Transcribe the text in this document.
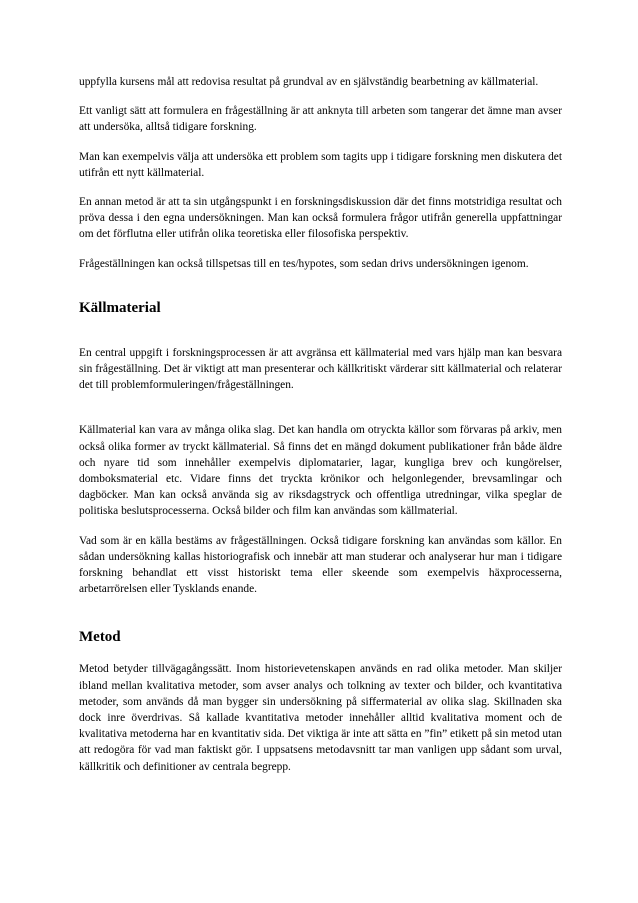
uppfylla kursens mål att redovisa resultat på grundval av en självständig bearbetning av källmaterial.

Ett vanligt sätt att formulera en frågeställning är att anknyta till arbeten som tangerar det ämne man avser att undersöka, alltså tidigare forskning.

Man kan exempelvis välja att undersöka ett problem som tagits upp i tidigare forskning men diskutera det utifrån ett nytt källmaterial.

En annan metod är att ta sin utgångspunkt i en forskningsdiskussion där det finns motstridiga resultat och pröva dessa i den egna undersökningen. Man kan också formulera frågor utifrån generella uppfattningar om det förflutna eller utifrån olika teoretiska eller filosofiska perspektiv.

Frågeställningen kan också tillspetsas till en tes/hypotes, som sedan drivs undersökningen igenom.

Källmaterial

En central uppgift i forskningsprocessen är att avgränsa ett källmaterial med vars hjälp man kan besvara sin frågeställning. Det är viktigt att man presenterar och källkritiskt värderar sitt källmaterial och relaterar det till problemformuleringen/frågeställningen.

Källmaterial kan vara av många olika slag. Det kan handla om otryckta källor som förvaras på arkiv, men också olika former av tryckt källmaterial. Så finns det en mängd dokument publikationer från både äldre och nyare tid som innehåller exempelvis diplomatarier, lagar, kungliga brev och kungörelser, domboksmaterial etc. Vidare finns det tryckta krönikor och helgonlegender, brevsamlingar och dagböcker. Man kan också använda sig av riksdagstryck och offentliga utredningar, vilka speglar de politiska beslutsprocesserna. Också bilder och film kan användas som källmaterial.

Vad som är en källa bestäms av frågeställningen. Också tidigare forskning kan användas som källor. En sådan undersökning kallas historiografisk och innebär att man studerar och analyserar hur man i tidigare forskning behandlat ett visst historiskt tema eller skeende som exempelvis häxprocesserna, arbetarrörelsen eller Tysklands enande.

Metod

Metod betyder tillvägagångssätt. Inom historievetenskapen används en rad olika metoder. Man skiljer ibland mellan kvalitativa metoder, som avser analys och tolkning av texter och bilder, och kvantitativa metoder, som används då man bygger sin undersökning på siffermaterial av olika slag. Skillnaden ska dock inre överdrivas. Så kallade kvantitativa metoder innehåller alltid kvalitativa moment och de kvalitativa metoderna har en kvantitativ sida. Det viktiga är inte att sätta en ”fin” etikett på sin metod utan att redogöra för vad man faktiskt gör. I uppsatsens metodavsnitt tar man vanligen upp sådant som urval, källkritik och definitioner av centrala begrepp.
